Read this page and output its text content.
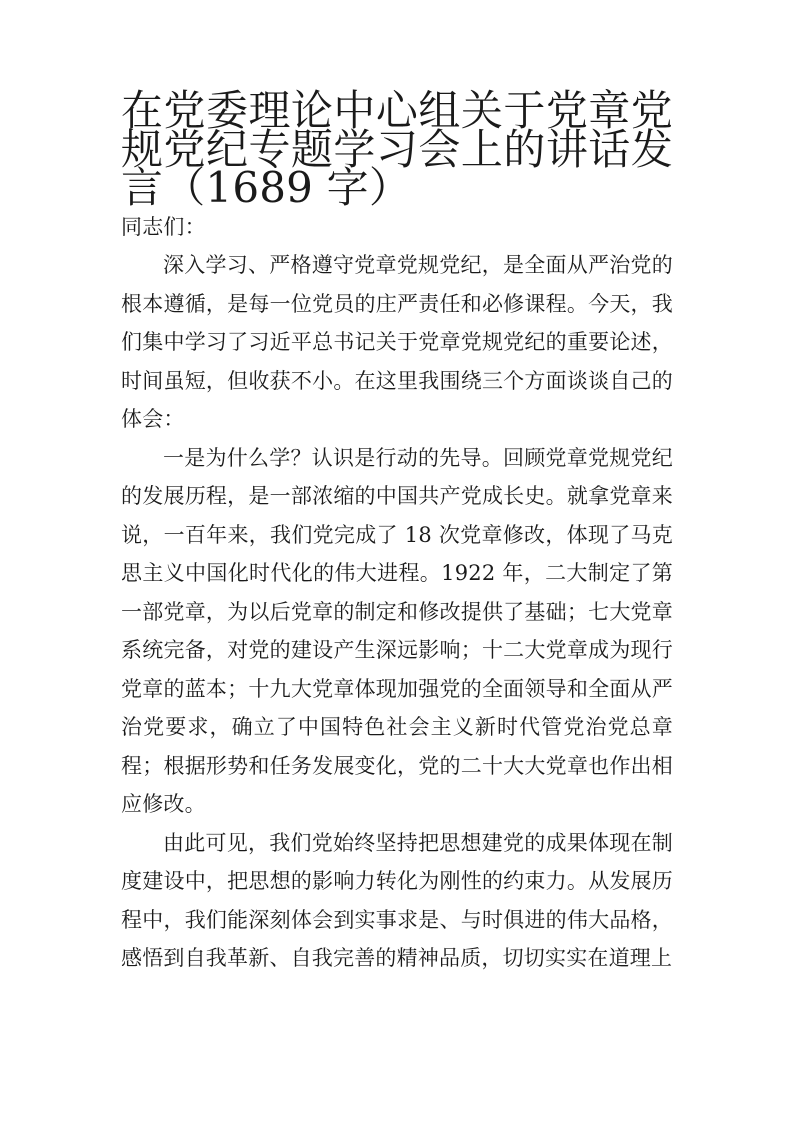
在党委理论中心组关于党章党规党纪专题学习会上的讲话发言（1689 字）

同志们：

深入学习、严格遵守党章党规党纪，是全面从严治党的根本遵循，是每一位党员的庄严责任和必修课程。今天，我们集中学习了习近平总书记关于党章党规党纪的重要论述，时间虽短，但收获不小。在这里我围绕三个方面谈谈自己的体会：

一是为什么学？认识是行动的先导。回顾党章党规党纪的发展历程，是一部浓缩的中国共产党成长史。就拿党章来说，一百年来，我们党完成了 18 次党章修改，体现了马克思主义中国化时代化的伟大进程。1922 年，二大制定了第一部党章，为以后党章的制定和修改提供了基础；七大党章系统完备，对党的建设产生深远影响；十二大党章成为现行党章的蓝本；十九大党章体现加强党的全面领导和全面从严治党要求，确立了中国特色社会主义新时代管党治党总章程；根据形势和任务发展变化，党的二十大大党章也作出相应修改。

由此可见，我们党始终坚持把思想建党的成果体现在制度建设中，把思想的影响力转化为刚性的约束力。从发展历程中，我们能深刻体会到实事求是、与时俱进的伟大品格，感悟到自我革新、自我完善的精神品质，切切实实在道理上
